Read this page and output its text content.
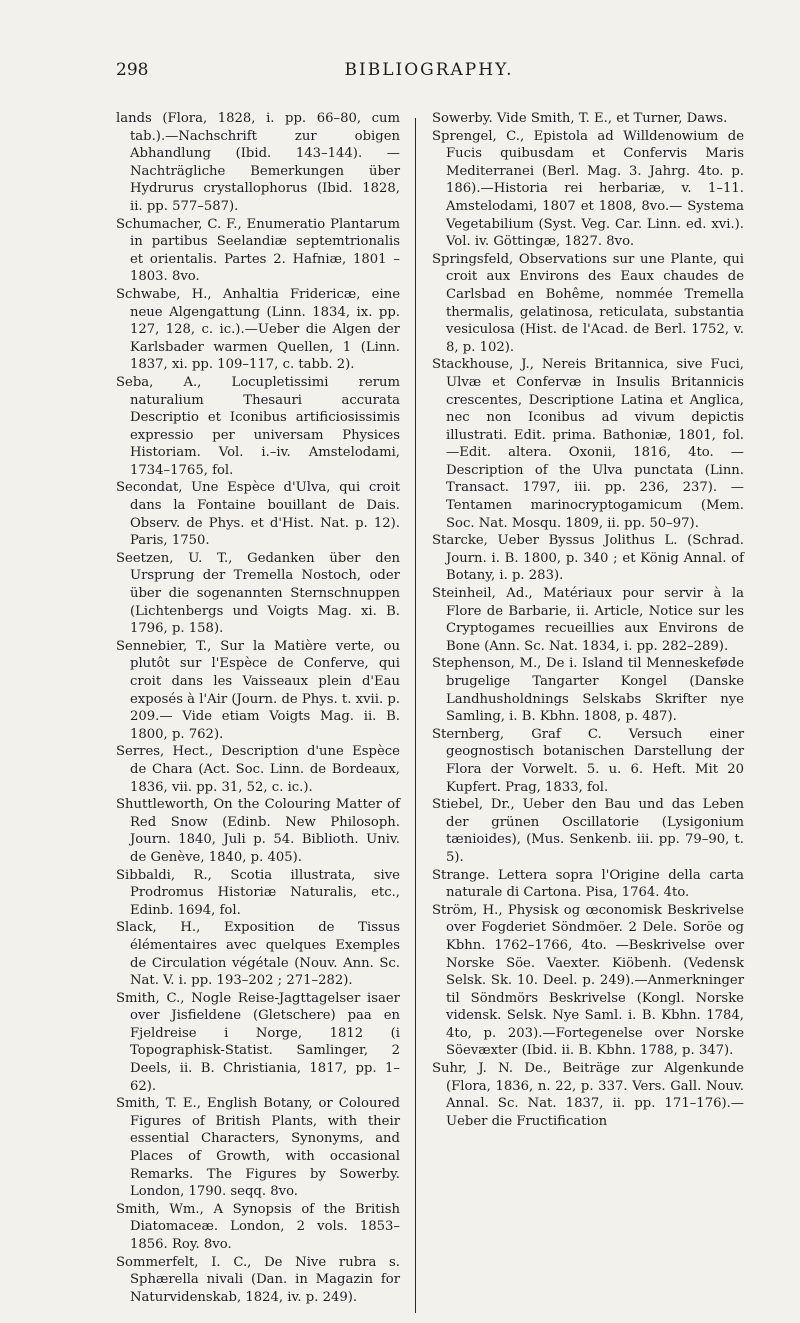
298	BIBLIOGRAPHY.

lands (Flora, 1828, i. pp. 66–80, cum tab.).—Nachschrift zur obigen Abhandlung (Ibid. 143–144). — Nachträgliche Bemerkungen über Hydrurus crystallophorus (Ibid. 1828, ii. pp. 577–587).

Schumacher, C. F., Enumeratio Plantarum in partibus Seelandiæ septemtrionalis et orientalis. Partes 2. Hafniæ, 1801 –1803. 8vo.

Schwabe, H., Anhaltia Fridericæ, eine neue Algengattung (Linn. 1834, ix. pp. 127, 128, c. ic.).—Ueber die Algen der Karlsbader warmen Quellen, 1 (Linn. 1837, xi. pp. 109–117, c. tabb. 2).

Seba, A., Locupletissimi rerum naturalium Thesauri accurata Descriptio et Iconibus artificiosissimis expressio per universam Physices Historiam. Vol. i.–iv. Amstelodami, 1734–1765, fol.

Secondat, Une Espèce d'Ulva, qui croit dans la Fontaine bouillant de Dais. Observ. de Phys. et d'Hist. Nat. p. 12). Paris, 1750.

Seetzen, U. T., Gedanken über den Ursprung der Tremella Nostoch, oder über die sogenannten Sternschnuppen (Lichtenbergs und Voigts Mag. xi. B. 1796, p. 158).

Sennebier, T., Sur la Matière verte, ou plutôt sur l'Espèce de Conferve, qui croit dans les Vaisseaux plein d'Eau exposés à l'Air (Journ. de Phys. t. xvii. p. 209.— Vide etiam Voigts Mag. ii. B. 1800, p. 762).

Serres, Hect., Description d'une Espèce de Chara (Act. Soc. Linn. de Bordeaux, 1836, vii. pp. 31, 52, c. ic.).

Shuttleworth, On the Colouring Matter of Red Snow (Edinb. New Philosoph. Journ. 1840, Juli p. 54. Biblioth. Univ. de Genève, 1840, p. 405).

Sibbaldi, R., Scotia illustrata, sive Prodromus Historiæ Naturalis, etc., Edinb. 1694, fol.

Slack, H., Exposition de Tissus élémentaires avec quelques Exemples de Circulation végétale (Nouv. Ann. Sc. Nat. V. i. pp. 193–202 ; 271–282).

Smith, C., Nogle Reise-Jagttagelser isaer over Jisfieldene (Gletschere) paa en Fjeldreise i Norge, 1812 (i Topographisk-Statist. Samlinger, 2 Deels, ii. B. Christiania, 1817, pp. 1–62).

Smith, T. E., English Botany, or Coloured Figures of British Plants, with their essential Characters, Synonyms, and Places of Growth, with occasional Remarks. The Figures by Sowerby. London, 1790. seqq. 8vo.

Smith, Wm., A Synopsis of the British Diatomaceæ. London, 2 vols. 1853–1856. Roy. 8vo.

Sommerfelt, I. C., De Nive rubra s. Sphærella nivali (Dan. in Magazin for Naturvidenskab, 1824, iv. p. 249).

Sowerby. Vide Smith, T. E., et Turner, Daws.

Sprengel, C., Epistola ad Willdenowium de Fucis quibusdam et Confervis Maris Mediterranei (Berl. Mag. 3. Jahrg. 4to. p. 186).—Historia rei herbariæ, v. 1–11. Amstelodami, 1807 et 1808, 8vo.— Systema Vegetabilium (Syst. Veg. Car. Linn. ed. xvi.). Vol. iv. Göttingæ, 1827. 8vo.

Springsfeld, Observations sur une Plante, qui croit aux Environs des Eaux chaudes de Carlsbad en Bohême, nommée Tremella thermalis, gelatinosa, reticulata, substantia vesiculosa (Hist. de l'Acad. de Berl. 1752, v. 8, p. 102).

Stackhouse, J., Nereis Britannica, sive Fuci, Ulvæ et Confervæ in Insulis Britannicis crescentes, Descriptione Latina et Anglica, nec non Iconibus ad vivum depictis illustrati. Edit. prima. Bathoniæ, 1801, fol.—Edit. altera. Oxonii, 1816, 4to. — Description of the Ulva punctata (Linn. Transact. 1797, iii. pp. 236, 237). — Tentamen marinocryptogamicum (Mem. Soc. Nat. Mosqu. 1809, ii. pp. 50–97).

Starcke, Ueber Byssus Jolithus L. (Schrad. Journ. i. B. 1800, p. 340 ; et König Annal. of Botany, i. p. 283).

Steinheil, Ad., Matériaux pour servir à la Flore de Barbarie, ii. Article, Notice sur les Cryptogames recueillies aux Environs de Bone (Ann. Sc. Nat. 1834, i. pp. 282–289).

Stephenson, M., De i. Island til Menneskeføde brugelige Tangarter Kongel (Danske Landhusholdnings Selskabs Skrifter nye Samling, i. B. Kbhn. 1808, p. 487).

Sternberg, Graf C. Versuch einer geognostisch botanischen Darstellung der Flora der Vorwelt. 5. u. 6. Heft. Mit 20 Kupfert. Prag, 1833, fol.

Stiebel, Dr., Ueber den Bau und das Leben der grünen Oscillatorie (Lysigonium tænioides), (Mus. Senkenb. iii. pp. 79–90, t. 5).

Strange. Lettera sopra l'Origine della carta naturale di Cartona. Pisa, 1764. 4to.

Ström, H., Physisk og œconomisk Beskrivelse over Fogderiet Söndmöer. 2 Dele. Soröe og Kbhn. 1762–1766, 4to. —Beskrivelse over Norske Söe. Vaexter. Kiöbenh. (Vedensk Selsk. Sk. 10. Deel. p. 249).—Anmerkninger til Söndmörs Beskrivelse (Kongl. Norske vidensk. Selsk. Nye Saml. i. B. Kbhn. 1784, 4to, p. 203).—Fortegenelse over Norske Söevæxter (Ibid. ii. B. Kbhn. 1788, p. 347).

Suhr, J. N. De., Beiträge zur Algenkunde (Flora, 1836, n. 22, p. 337. Vers. Gall. Nouv. Annal. Sc. Nat. 1837, ii. pp. 171–176).—Ueber die Fructification
